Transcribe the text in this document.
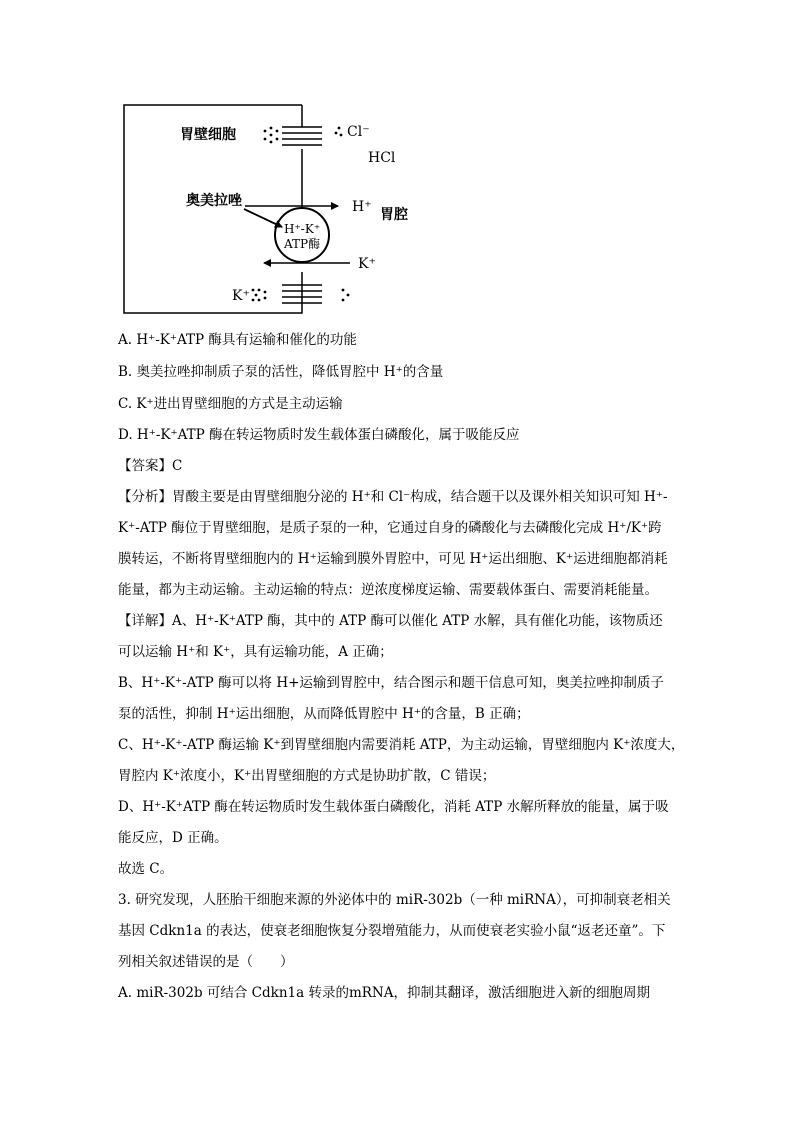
胃壁细胞	Cl⁻
HCl
奥美拉唑	H⁺ 胃腔
H⁺-K⁺
ATP酶
K⁺
K⁺
A. H⁺-K⁺ATP 酶具有运输和催化的功能
B. 奥美拉唑抑制质子泵的活性，降低胃腔中 H⁺的含量
C. K⁺进出胃壁细胞的方式是主动运输
D. H⁺-K⁺ATP 酶在转运物质时发生载体蛋白磷酸化，属于吸能反应
【答案】C
【分析】胃酸主要是由胃壁细胞分泌的 H⁺和 Cl⁻构成，结合题干以及课外相关知识可知 H⁺-
K⁺-ATP 酶位于胃壁细胞，是质子泵的一种，它通过自身的磷酸化与去磷酸化完成 H⁺/K⁺跨
膜转运，不断将胃壁细胞内的 H⁺运输到膜外胃腔中，可见 H⁺运出细胞、K⁺运进细胞都消耗
能量，都为主动运输。主动运输的特点：逆浓度梯度运输、需要载体蛋白、需要消耗能量。
【详解】A、H⁺-K⁺ATP 酶，其中的 ATP 酶可以催化 ATP 水解，具有催化功能，该物质还
可以运输 H⁺和 K⁺，具有运输功能，A 正确；
B、H⁺-K⁺-ATP 酶可以将 H+运输到胃腔中，结合图示和题干信息可知，奥美拉唑抑制质子
泵的活性，抑制 H⁺运出细胞，从而降低胃腔中 H⁺的含量，B 正确；
C、H⁺-K⁺-ATP 酶运输 K⁺到胃壁细胞内需要消耗 ATP，为主动运输，胃壁细胞内 K⁺浓度大，
胃腔内 K⁺浓度小，K⁺出胃壁细胞的方式是协助扩散，C 错误；
D、H⁺-K⁺ATP 酶在转运物质时发生载体蛋白磷酸化，消耗 ATP 水解所释放的能量，属于吸
能反应，D 正确。
故选 C。
3. 研究发现，人胚胎干细胞来源的外泌体中的 miR-302b（一种 miRNA），可抑制衰老相关
基因 Cdkn1a 的表达，使衰老细胞恢复分裂增殖能力，从而使衰老实验小鼠“返老还童”。下
列相关叙述错误的是（　　）
A. miR-302b 可结合 Cdkn1a 转录的mRNA，抑制其翻译，激活细胞进入新的细胞周期
